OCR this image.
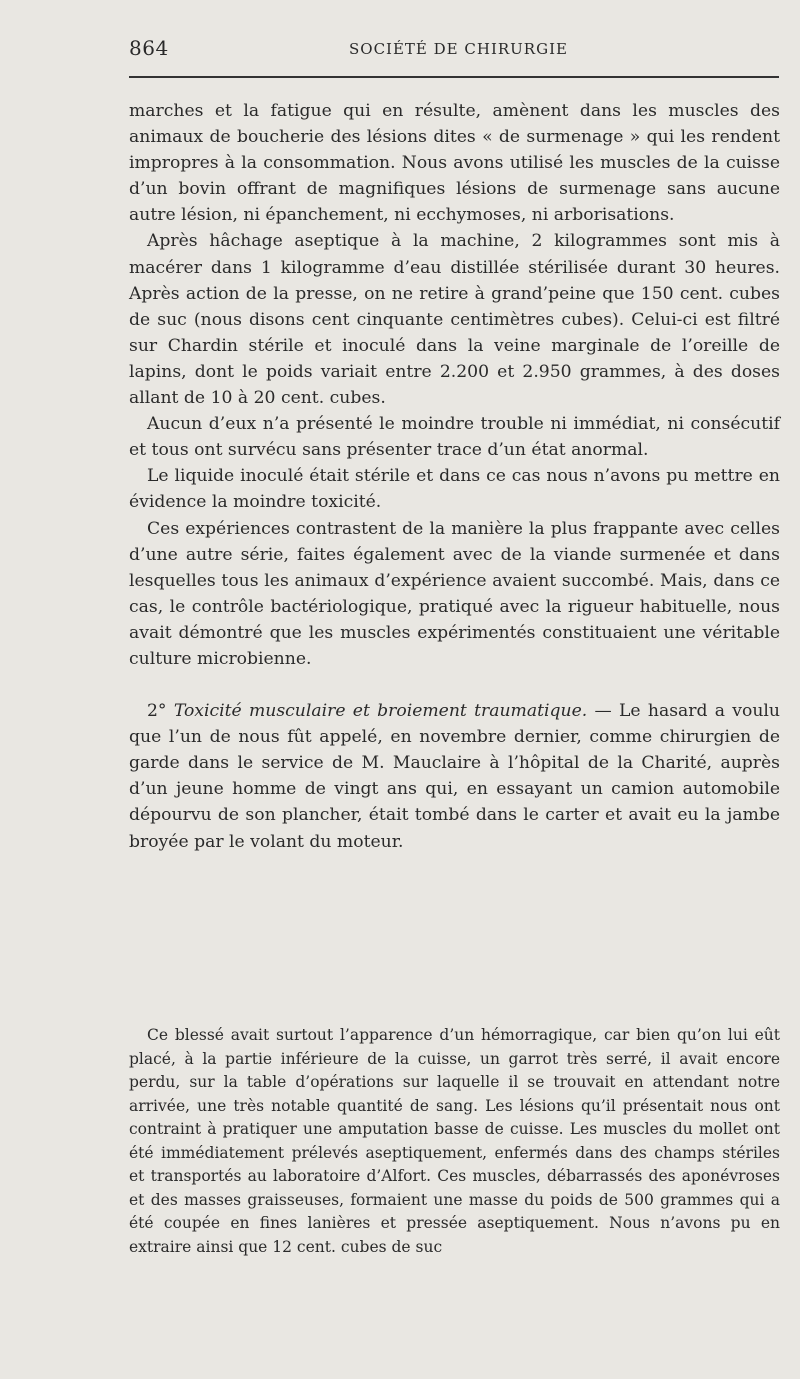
864	SOCIÉTÉ DE CHIRURGIE

marches et la fatigue qui en résulte, amènent dans les muscles des animaux de boucherie des lésions dites « de surmenage » qui les rendent impropres à la consommation. Nous avons utilisé les muscles de la cuisse d’un bovin offrant de magnifiques lésions de surmenage sans aucune autre lésion, ni épanchement, ni ecchymoses, ni arborisations.

Après hâchage aseptique à la machine, 2 kilogrammes sont mis à macérer dans 1 kilogramme d’eau distillée stérilisée durant 30 heures. Après action de la presse, on ne retire à grand’peine que 150 cent. cubes de suc (nous disons cent cinquante centimètres cubes). Celui-ci est filtré sur Chardin stérile et inoculé dans la veine marginale de l’oreille de lapins, dont le poids variait entre 2.200 et 2.950 grammes, à des doses allant de 10 à 20 cent. cubes.

Aucun d’eux n’a présenté le moindre trouble ni immédiat, ni consécutif et tous ont survécu sans présenter trace d’un état anormal.

Le liquide inoculé était stérile et dans ce cas nous n’avons pu mettre en évidence la moindre toxicité.

Ces expériences contrastent de la manière la plus frappante avec celles d’une autre série, faites également avec de la viande surmenée et dans lesquelles tous les animaux d’expérience avaient succombé. Mais, dans ce cas, le contrôle bactériologique, pratiqué avec la rigueur habituelle, nous avait démontré que les muscles expérimentés constituaient une véritable culture microbienne.

2° Toxicité musculaire et broiement traumatique. — Le hasard a voulu que l’un de nous fût appelé, en novembre dernier, comme chirurgien de garde dans le service de M. Mauclaire à l’hôpital de la Charité, auprès d’un jeune homme de vingt ans qui, en essayant un camion automobile dépourvu de son plancher, était tombé dans le carter et avait eu la jambe broyée par le volant du moteur.

Ce blessé avait surtout l’apparence d’un hémorragique, car bien qu’on lui eût placé, à la partie inférieure de la cuisse, un garrot très serré, il avait encore perdu, sur la table d’opérations sur laquelle il se trouvait en attendant notre arrivée, une très notable quantité de sang. Les lésions qu’il présentait nous ont contraint à pratiquer une amputation basse de cuisse. Les muscles du mollet ont été immédiatement prélevés aseptiquement, enfermés dans des champs stériles et transportés au laboratoire d’Alfort. Ces muscles, débarrassés des aponévroses et des masses graisseuses, formaient une masse du poids de 500 grammes qui a été coupée en fines lanières et pressée aseptiquement. Nous n’avons pu en extraire ainsi que 12 cent. cubes de suc
